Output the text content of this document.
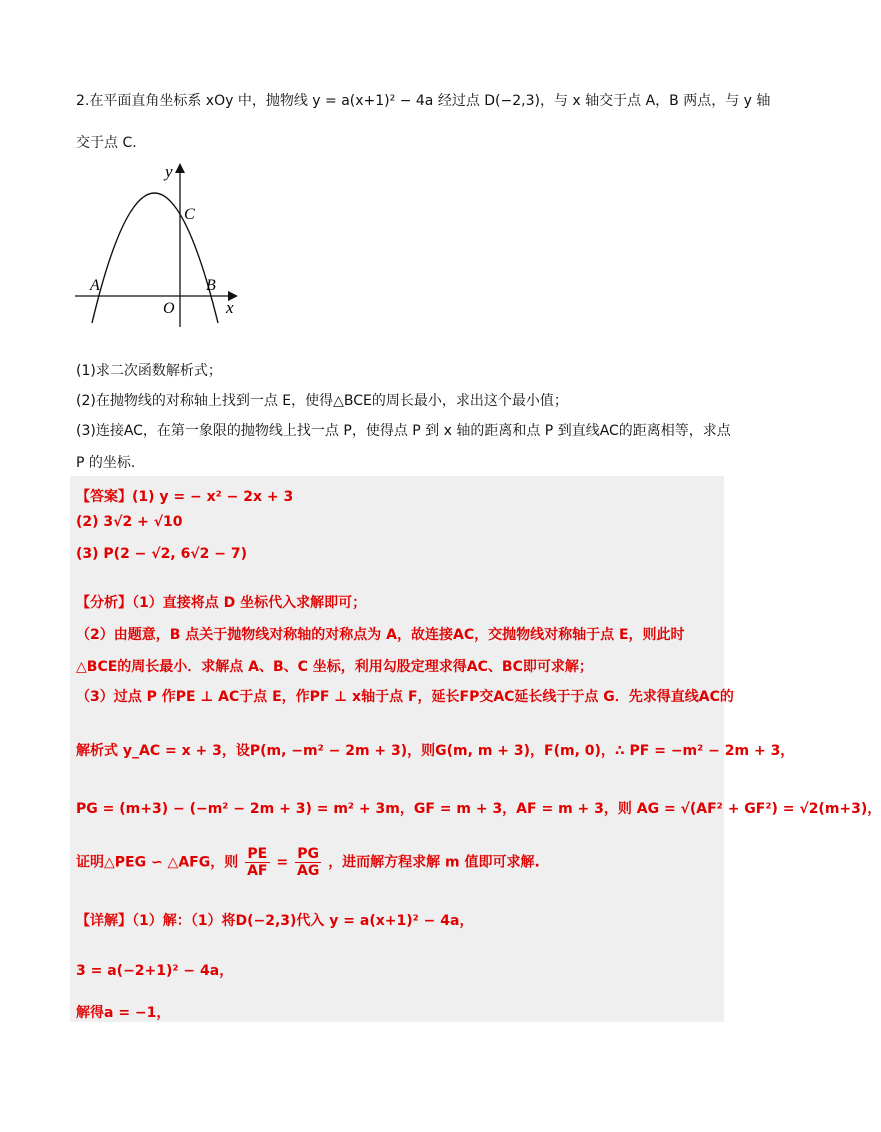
2.在平面直角坐标系 xOy 中，抛物线 y = a(x+1)² − 4a 经过点 D(−2,3)，与 x 轴交于点 A，B 两点，与 y 轴
交于点 C.
y
x
O
A	B
C
(1)求二次函数解析式；
(2)在抛物线的对称轴上找到一点 E，使得△BCE的周长最小，求出这个最小值；
(3)连接AC，在第一象限的抛物线上找一点 P，使得点 P 到 x 轴的距离和点 P 到直线AC的距离相等，求点
P 的坐标.
【答案】(1) y = − x² − 2x + 3
(2) 3√2 + √10
(3) P(2 − √2, 6√2 − 7)
【分析】（1）直接将点 D 坐标代入求解即可；
（2）由题意，B 点关于抛物线对称轴的对称点为 A，故连接AC，交抛物线对称轴于点 E，则此时
△BCE的周长最小．求解点 A、B、C 坐标，利用勾股定理求得AC、BC即可求解；
（3）过点 P 作PE ⊥ AC于点 E，作PF ⊥ x轴于点 F，延长FP交AC延长线于于点 G．先求得直线AC的
解析式 y_AC = x + 3，设P(m, −m² − 2m + 3)，则G(m, m + 3)，F(m, 0)，∴ PF = −m² − 2m + 3，
PG = (m+3) − (−m² − 2m + 3) = m² + 3m，GF = m + 3，AF = m + 3，则 AG = √(AF² + GF²) = √2(m+3)，
证明△PEG ∽ △AFG，则 $\frac{PE}{AF} = \frac{PG}{AG}$ ，进而解方程求解 m 值即可求解.
【详解】（1）解：（1）将D(−2,3)代入 y = a(x+1)² − 4a，
3 = a(−2+1)² − 4a，
解得a = −1，
